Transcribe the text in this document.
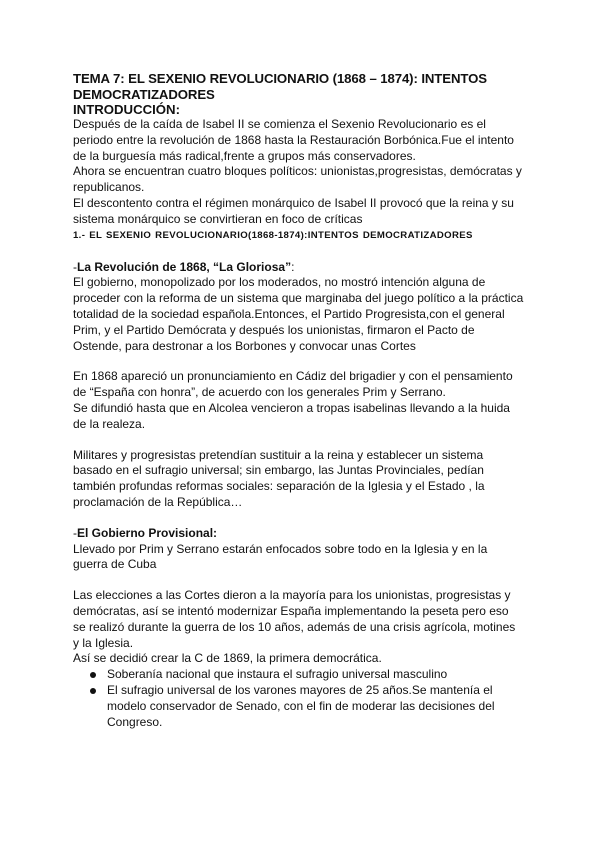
TEMA 7: EL SEXENIO REVOLUCIONARIO (1868 – 1874): INTENTOS
DEMOCRATIZADORES

INTRODUCCIÓN:

Después de la caída de Isabel II se comienza el Sexenio Revolucionario es el
periodo entre la revolución de 1868 hasta la Restauración Borbónica.Fue el intento
de la burguesía más radical,frente a grupos más conservadores.
Ahora se encuentran cuatro bloques políticos: unionistas,progresistas, demócratas y
republicanos.
El descontento contra el régimen monárquico de Isabel II provocó que la reina y su
sistema monárquico se convirtieran en foco de críticas

1.- EL SEXENIO REVOLUCIONARIO(1868-1874):INTENTOS DEMOCRATIZADORES

-La Revolución de 1868, “La Gloriosa”:

El gobierno, monopolizado por los moderados, no mostró intención alguna de
proceder con la reforma de un sistema que marginaba del juego político a la práctica
totalidad de la sociedad española.Entonces, el Partido Progresista,con el general
Prim, y el Partido Demócrata y después los unionistas, firmaron el Pacto de
Ostende, para destronar a los Borbones y convocar unas Cortes

En 1868 apareció un pronunciamiento en Cádiz del brigadier y con el pensamiento
de “España con honra”, de acuerdo con los generales Prim y Serrano.
Se difundió hasta que en Alcolea vencieron a tropas isabelinas llevando a la huida
de la realeza.

Militares y progresistas pretendían sustituir a la reina y establecer un sistema
basado en el sufragio universal; sin embargo, las Juntas Provinciales, pedían
también profundas reformas sociales: separación de la Iglesia y el Estado , la
proclamación de la República…

-El Gobierno Provisional:

Llevado por Prim y Serrano estarán enfocados sobre todo en la Iglesia y en la
guerra de Cuba

Las elecciones a las Cortes dieron a la mayoría para los unionistas, progresistas y
demócratas, así se intentó modernizar España implementando la peseta pero eso
se realizó durante la guerra de los 10 años, además de una crisis agrícola, motines
y la Iglesia.
Así se decidió crear la C de 1869, la primera democrática.

Soberanía nacional que instaura el sufragio universal masculino
El sufragio universal de los varones mayores de 25 años.Se mantenía el
modelo conservador de Senado, con el fin de moderar las decisiones del
Congreso.
